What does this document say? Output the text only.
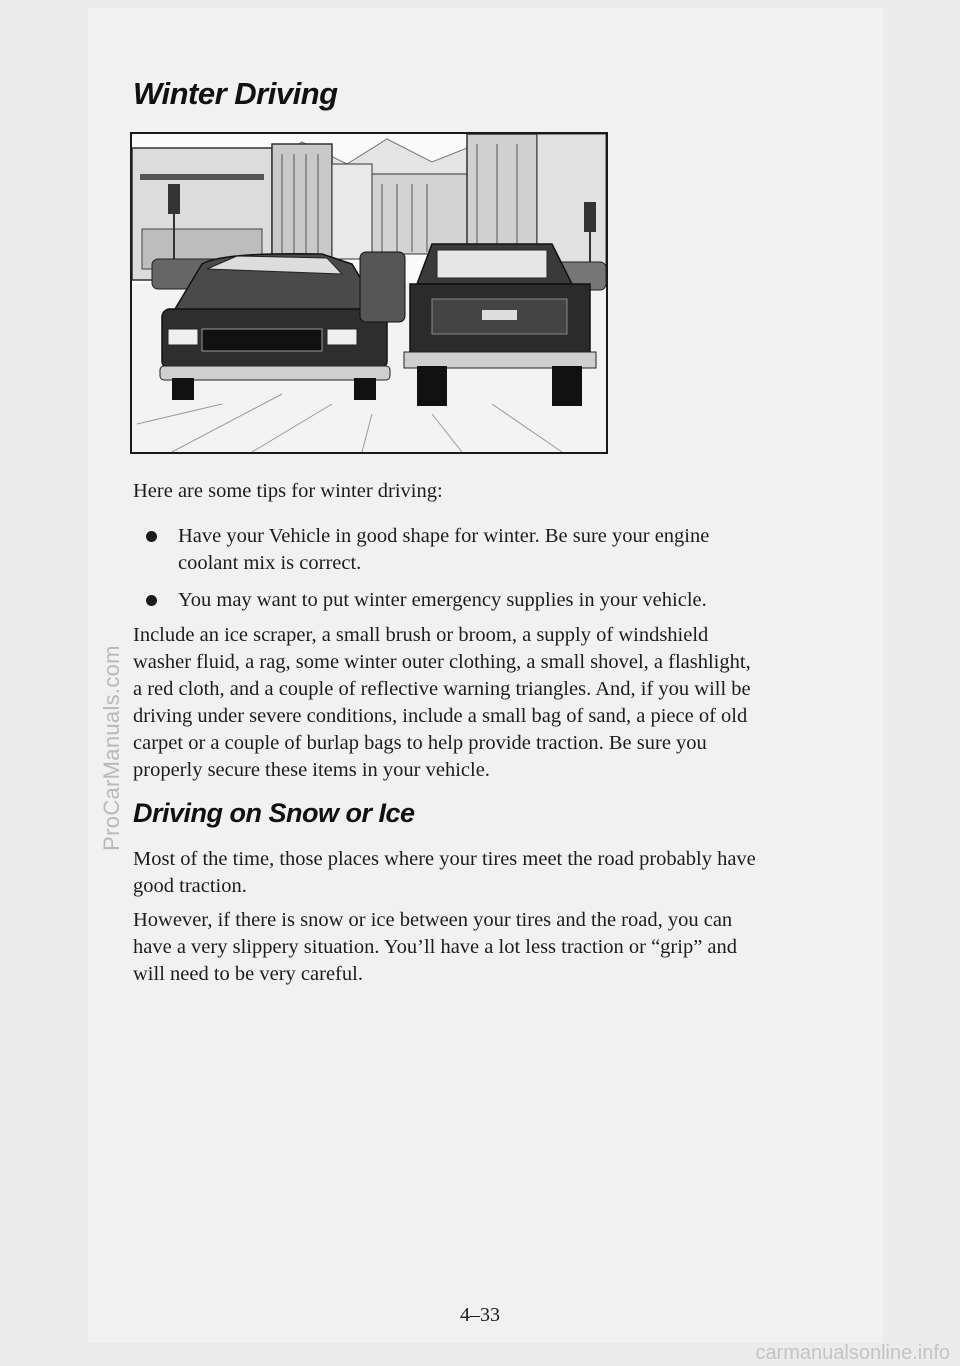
Winter Driving

Here are some tips for winter driving:

Have your Vehicle in good shape for winter. Be sure your engine
coolant mix is correct.
You may want to put winter emergency supplies in your vehicle.
Include an ice scraper, a small brush or broom, a supply of windshield
washer fluid, a rag, some winter outer clothing, a small shovel, a flashlight,
a red cloth, and a couple of reflective warning triangles. And, if you will be
driving under severe conditions, include a small bag of sand, a piece of old
carpet or a couple of burlap bags to help provide traction. Be sure you
properly secure these items in your vehicle.
Driving on Snow or Ice
Most of the time, those places where your tires meet the road probably have
good traction.
However, if there is snow or ice between your tires and the road, you can
have a very slippery situation. You’ll have a lot less traction or “grip” and
will need to be very careful.
4–33
ProCarManuals.com
carmanualsonline.info
